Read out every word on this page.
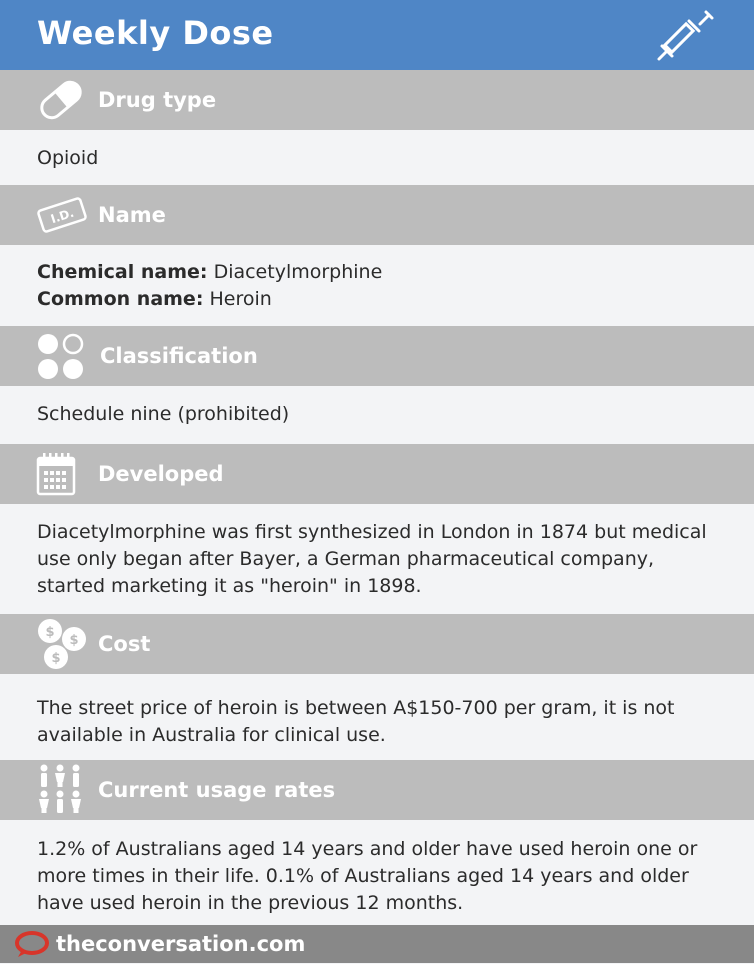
Weekly Dose
Drug type
Opioid
I.D. Name
Chemical name: Diacetylmorphine
Common name: Heroin
Classification
Schedule nine (prohibited)
Developed
Diacetylmorphine was first synthesized in London in 1874 but medical
use only began after Bayer, a German pharmaceutical company,
started marketing it as "heroin" in 1898.
$
$
$
Cost
The street price of heroin is between A$150-700 per gram, it is not
available in Australia for clinical use.
Current usage rates
1.2% of Australians aged 14 years and older have used heroin one or
more times in their life. 0.1% of Australians aged 14 years and older
have used heroin in the previous 12 months.
theconversation.com
